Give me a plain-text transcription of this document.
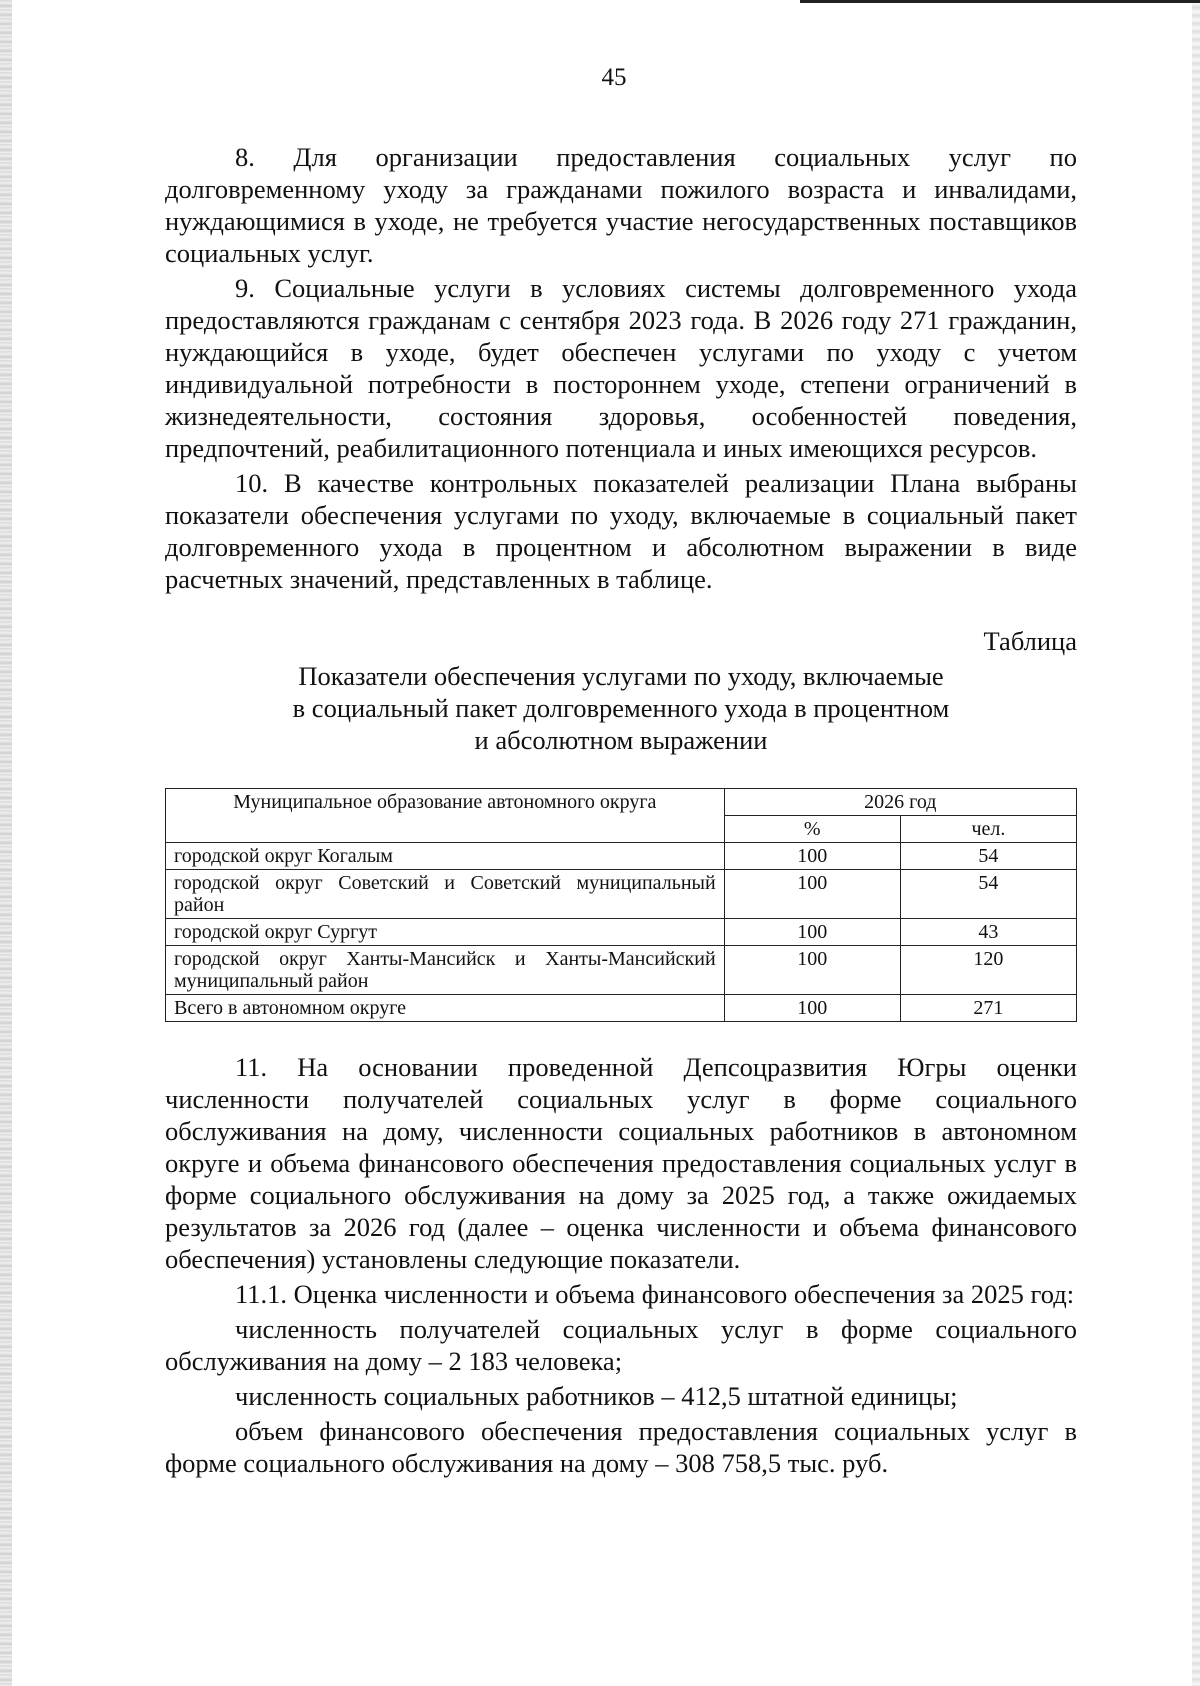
45

8. Для организации предоставления социальных услуг по долговременному уходу за гражданами пожилого возраста и инвалидами, нуждающимися в уходе, не требуется участие негосударственных поставщиков социальных услуг.

9. Социальные услуги в условиях системы долговременного ухода предоставляются гражданам с сентября 2023 года. В 2026 году 271 гражданин, нуждающийся в уходе, будет обеспечен услугами по уходу с учетом индивидуальной потребности в постороннем уходе, степени ограничений в жизнедеятельности, состояния здоровья, особенностей поведения, предпочтений, реабилитационного потенциала и иных имеющихся ресурсов.

10. В качестве контрольных показателей реализации Плана выбраны показатели обеспечения услугами по уходу, включаемые в социальный пакет долговременного ухода в процентном и абсолютном выражении в виде расчетных значений, представленных в таблице.

Таблица
Показатели обеспечения услугами по уходу, включаемые
в социальный пакет долговременного ухода в процентном
и абсолютном выражении
Муниципальное образование автономного округа	2026 год	
	%	чел.
городской округ Когалым	100	54
городской округ Советский и Советский муниципальный район	100	54
городской округ Сургут	100	43
городской округ Ханты-Мансийск и Ханты-Мансийский муниципальный район	100	120
Всего в автономном округе	100	271

11. На основании проведенной Депсоцразвития Югры оценки численности получателей социальных услуг в форме социального обслуживания на дому, численности социальных работников в автономном округе и объема финансового обеспечения предоставления социальных услуг в форме социального обслуживания на дому за 2025 год, а также ожидаемых результатов за 2026 год (далее – оценка численности и объема финансового обеспечения) установлены следующие показатели.

11.1. Оценка численности и объема финансового обеспечения за 2025 год:

численность получателей социальных услуг в форме социального обслуживания на дому – 2 183 человека;

численность социальных работников – 412,5 штатной единицы;

объем финансового обеспечения предоставления социальных услуг в форме социального обслуживания на дому – 308 758,5 тыс. руб.
